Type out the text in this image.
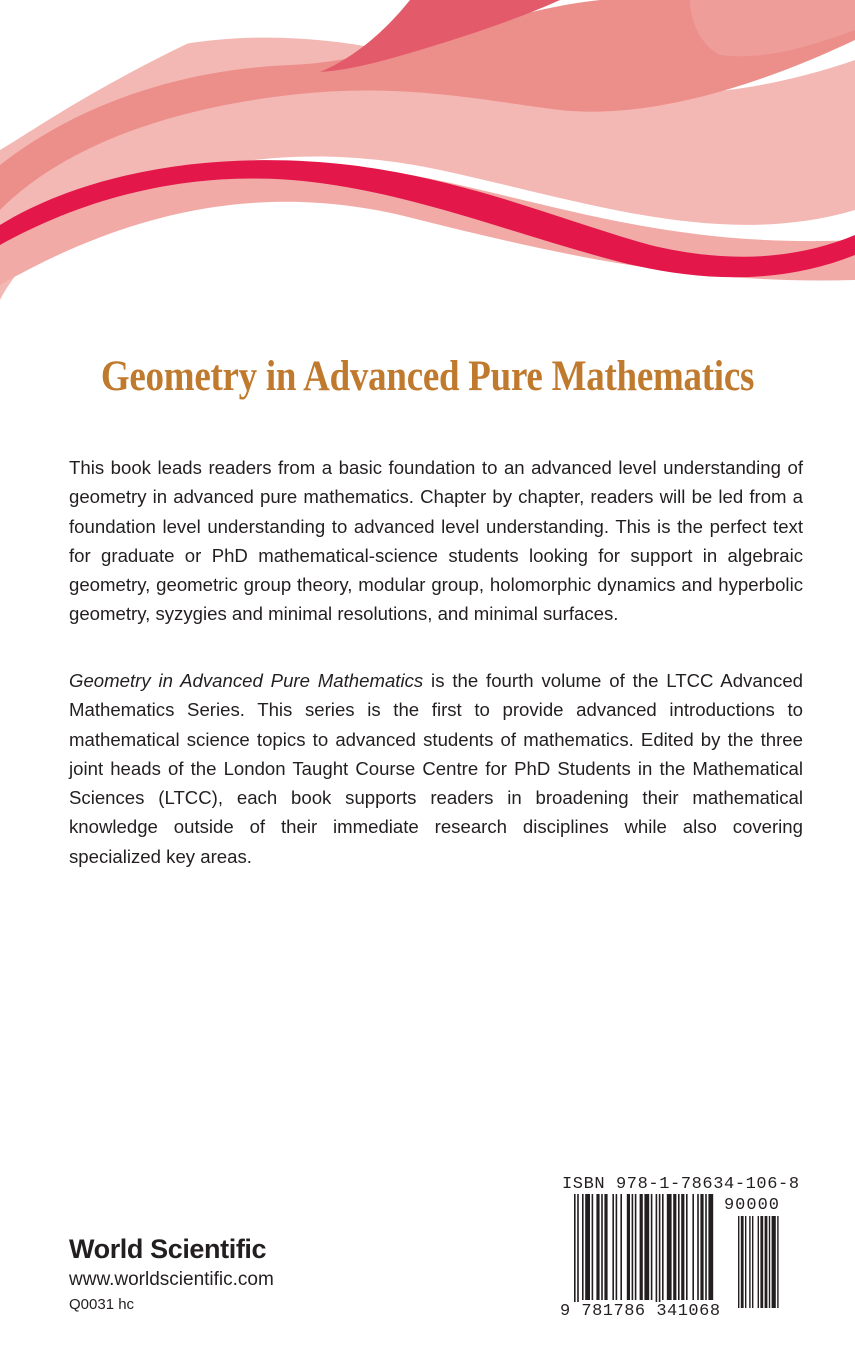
Geometry in Advanced Pure Mathematics

This book leads readers from a basic foundation to an advanced level understanding of geometry in advanced pure mathematics. Chapter by chapter, readers will be led from a foundation level understanding to advanced level understanding. This is the perfect text for graduate or PhD mathematical-science students looking for support in algebraic geometry, geometric group theory, modular group, holomorphic dynamics and hyperbolic geometry, syzygies and minimal resolutions, and minimal surfaces.

Geometry in Advanced Pure Mathematics is the fourth volume of the LTCC Advanced Mathematics Series. This series is the first to provide advanced introductions to mathematical science topics to advanced students of mathematics. Edited by the three joint heads of the London Taught Course Centre for PhD Students in the Mathematical Sciences (LTCC), each book supports readers in broadening their mathematical knowledge outside of their immediate research disciplines while also covering specialized key areas.

World Scientific
www.worldscientific.com
Q0031 hc
ISBN 978-1-78634-106-8
90000
9 781786 341068
